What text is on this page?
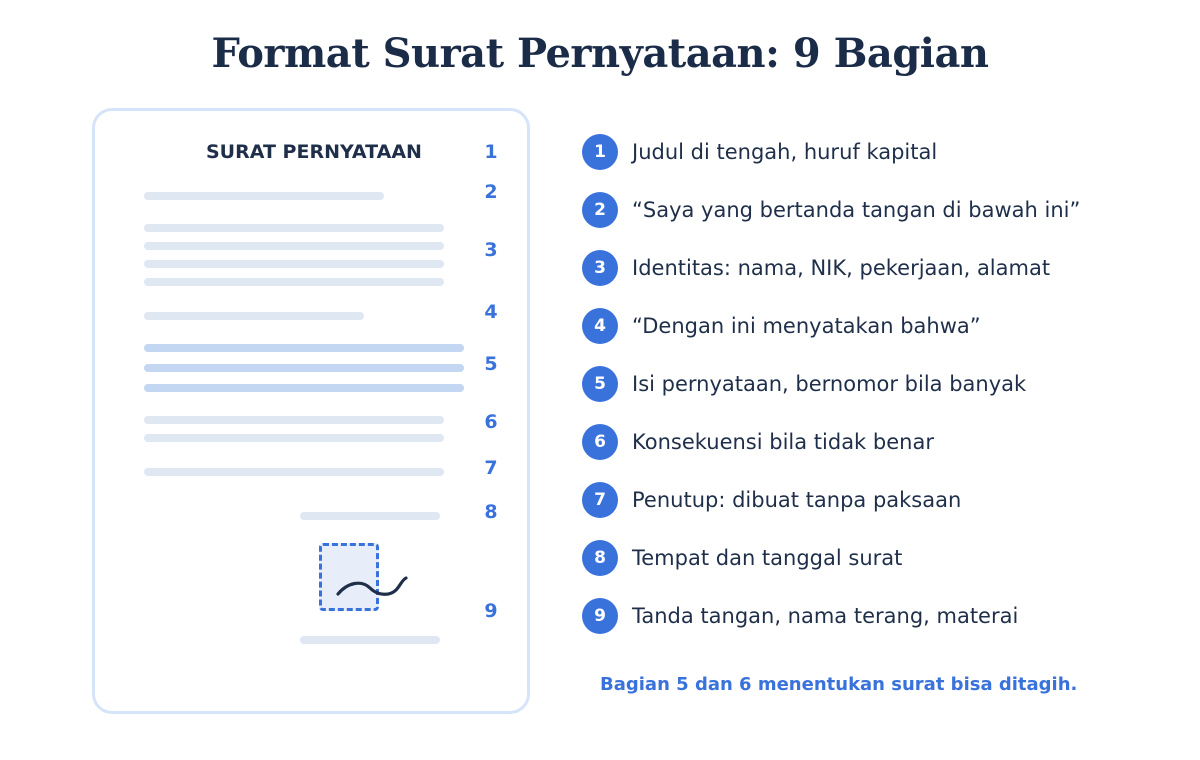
Format Surat Pernyataan: 9 Bagian
SURAT PERNYATAAN	1
2
3
4
5
6
7
8
9
1	Judul di tengah, huruf kapital
2	“Saya yang bertanda tangan di bawah ini”
3	Identitas: nama, NIK, pekerjaan, alamat
4	“Dengan ini menyatakan bahwa”
5	Isi pernyataan, bernomor bila banyak
6	Konsekuensi bila tidak benar
7	Penutup: dibuat tanpa paksaan
8	Tempat dan tanggal surat
9	Tanda tangan, nama terang, materai
Bagian 5 dan 6 menentukan surat bisa ditagih.
